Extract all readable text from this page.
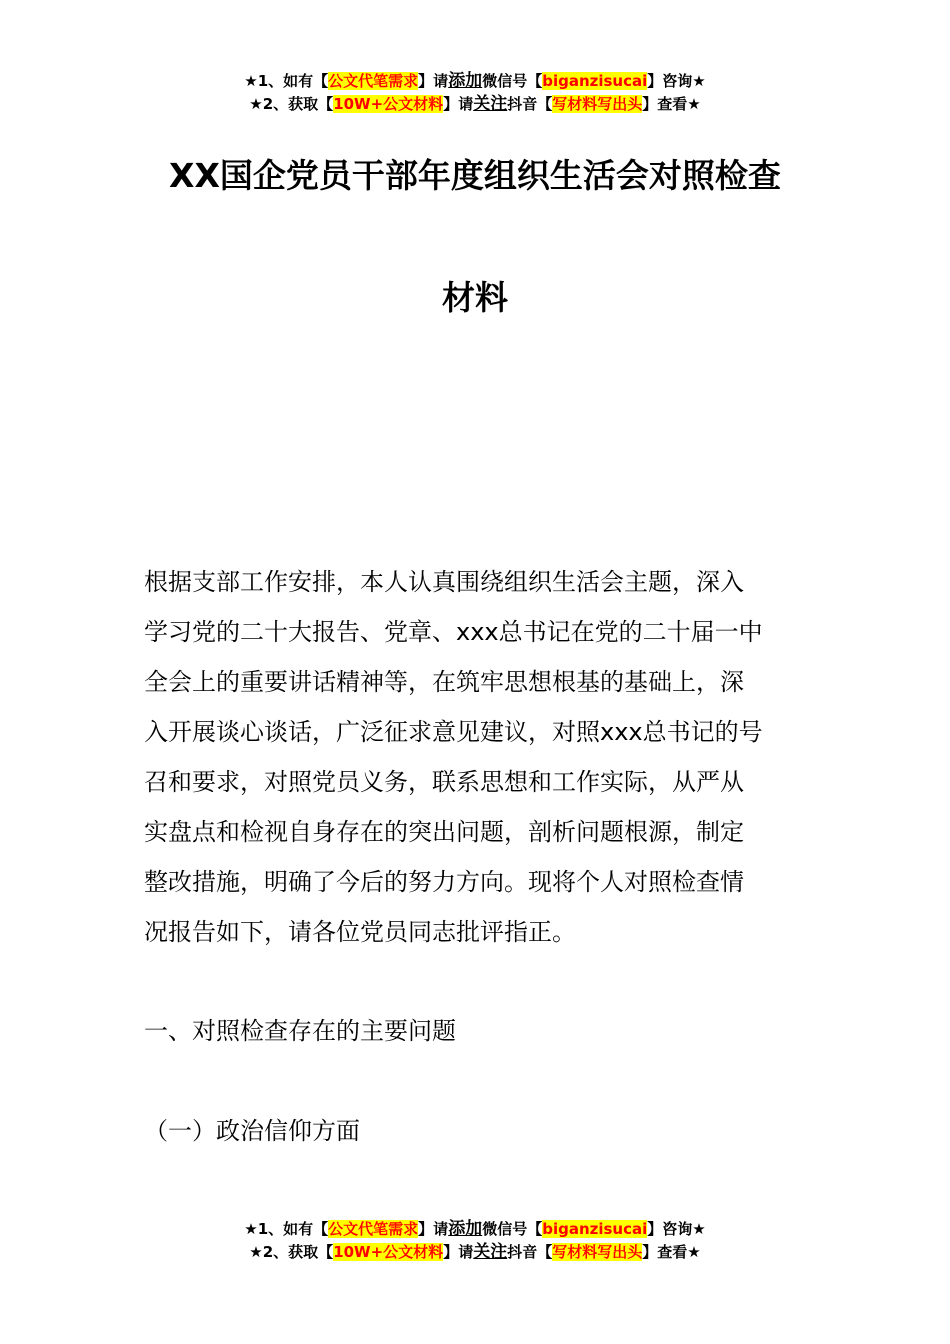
★1、如有【公文代笔需求】请添加微信号【biganzisucai】咨询★
★2、获取【10W+公文材料】请关注抖音【写材料写出头】查看★
XX国企党员干部年度组织生活会对照检查
材料
根据支部工作安排，本人认真围绕组织生活会主题，深入
学习党的二十大报告、党章、xxx总书记在党的二十届一中
全会上的重要讲话精神等，在筑牢思想根基的基础上，深
入开展谈心谈话，广泛征求意见建议，对照xxx总书记的号
召和要求，对照党员义务，联系思想和工作实际，从严从
实盘点和检视自身存在的突出问题，剖析问题根源，制定
整改措施，明确了今后的努力方向。现将个人对照检查情
况报告如下，请各位党员同志批评指正。
一、对照检查存在的主要问题
（一）政治信仰方面
★1、如有【公文代笔需求】请添加微信号【biganzisucai】咨询★
★2、获取【10W+公文材料】请关注抖音【写材料写出头】查看★
